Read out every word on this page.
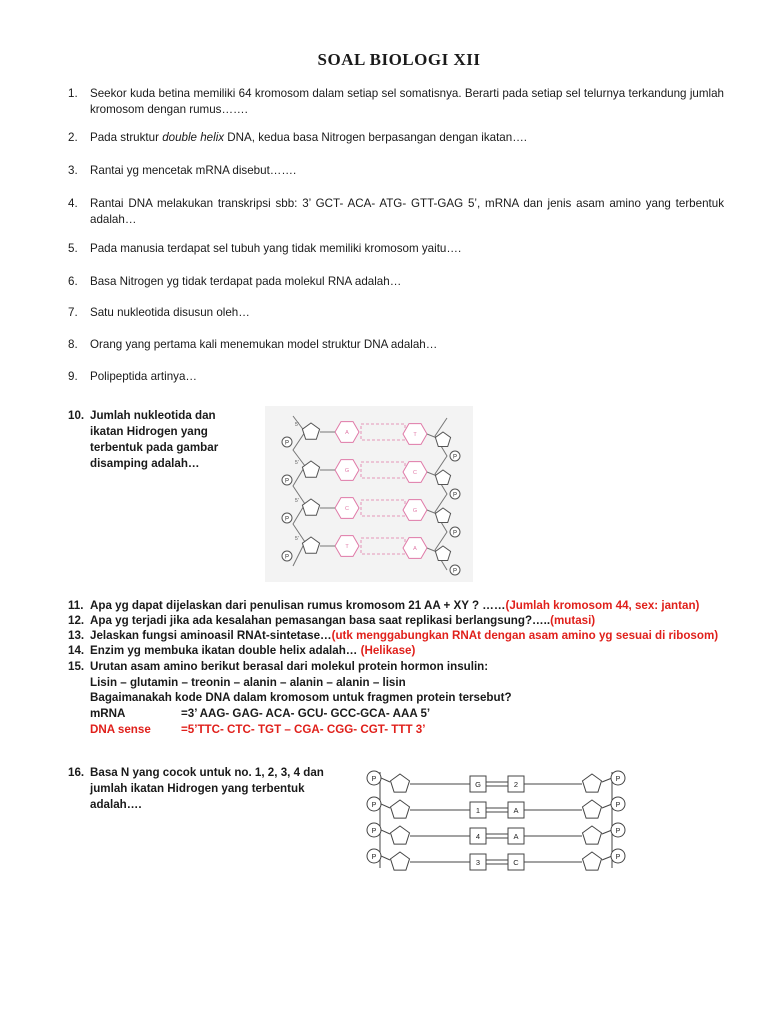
SOAL BIOLOGI XII
1. Seekor kuda betina memiliki 64 kromosom dalam setiap sel somatisnya. Berarti pada setiap sel telurnya terkandung jumlah kromosom dengan rumus…….
2. Pada struktur double helix DNA, kedua basa Nitrogen berpasangan dengan ikatan….
3. Rantai yg mencetak mRNA disebut…….
4. Rantai DNA melakukan transkripsi sbb: 3’ GCT- ACA- ATG- GTT-GAG 5’, mRNA dan jenis asam amino yang terbentuk adalah…
5. Pada manusia terdapat sel tubuh yang tidak memiliki kromosom yaitu….
6. Basa Nitrogen yg tidak terdapat pada molekul RNA adalah…
7. Satu nukleotida disusun oleh…
8. Orang yang pertama kali menemukan model struktur DNA adalah…
9. Polipeptida artinya…
10. Jumlah nukleotida dan
ikatan Hidrogen yang
terbentuk pada gambar
disamping adalah…
P
5'
A	T
P
P
5'
G	C
P
P
5'
C	G
P
P
5'
T	A
P
11. Apa yg dapat dijelaskan dari penulisan rumus kromosom 21 AA + XY ? ……(Jumlah kromosom 44, sex: jantan)
12. Apa yg terjadi jika ada kesalahan pemasangan basa saat replikasi berlangsung?…..(mutasi)
13. Jelaskan fungsi aminoasil RNAt-sintetase…(utk menggabungkan RNAt dengan asam amino yg sesuai di ribosom)
14. Enzim yg membuka ikatan double helix adalah… (Helikase)
15. Urutan asam amino berikut berasal dari molekul protein hormon insulin:
Lisin – glutamin – treonin – alanin – alanin – alanin – lisin
Bagaimanakah kode DNA dalam kromosom untuk fragmen protein tersebut?
mRNA	=3’ AAG- GAG- ACA- GCU- GCC-GCA- AAA 5’
DNA sense	=5’TTC- CTC- TGT – CGA- CGG- CGT- TTT 3’
16. Basa N yang cocok untuk no. 1, 2, 3, 4 dan
jumlah ikatan Hidrogen yang terbentuk
adalah….
P
G	2
P
P
1	A
P
P
4	A
P
P
3	C
P
